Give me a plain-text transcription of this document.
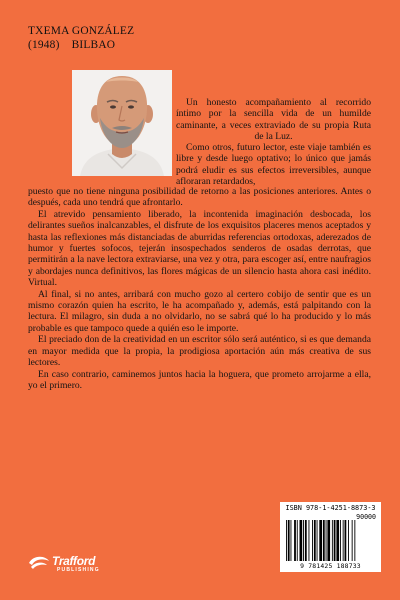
TXEMA GONZÁLEZ
(1948) BILBAO

Un honesto acompañamiento al recorrido íntimo por la sencilla vida de un humilde caminante, a veces extraviado de su propia Ruta de la Luz.

Como otros, futuro lector, este viaje también es libre y desde luego optativo; lo único que jamás podrá eludir es sus efectos irreversibles, aunque afloraran retardados,

puesto que no tiene ninguna posibilidad de retorno a las posiciones anteriores. Antes o después, cada uno tendrá que afrontarlo.

El atrevido pensamiento liberado, la incontenida imaginación desbocada, los delirantes sueños inalcanzables, el disfrute de los exquisitos placeres menos aceptados y hasta las reflexiones más distanciadas de aburridas referencias ortodoxas, aderezados de humor y fuertes sofocos, tejerán insospechados senderos de osadas derrotas, que permitirán a la nave lectora extraviarse, una vez y otra, para escoger así, entre naufragios y abordajes nunca definitivos, las flores mágicas de un silencio hasta ahora casi inédito. Virtual.

Al final, si no antes, arribará con mucho gozo al certero cobijo de sentir que es un mismo corazón quien ha escrito, le ha acompañado y, además, está palpitando con la lectura. El milagro, sin duda a no olvidarlo, no se sabrá qué lo ha producido y lo más probable es que tampoco quede a quién eso le importe.

El preciado don de la creatividad en un escritor sólo será auténtico, si es que demanda en mayor medida que la propia, la prodigiosa aportación aún más creativa de sus lectores.

En caso contrario, caminemos juntos hacia la hoguera, que prometo arrojarme a ella, yo el primero.

Trafford
PUBLISHING
ISBN 978-1-4251-8873-3
90000
9 781425 188733
